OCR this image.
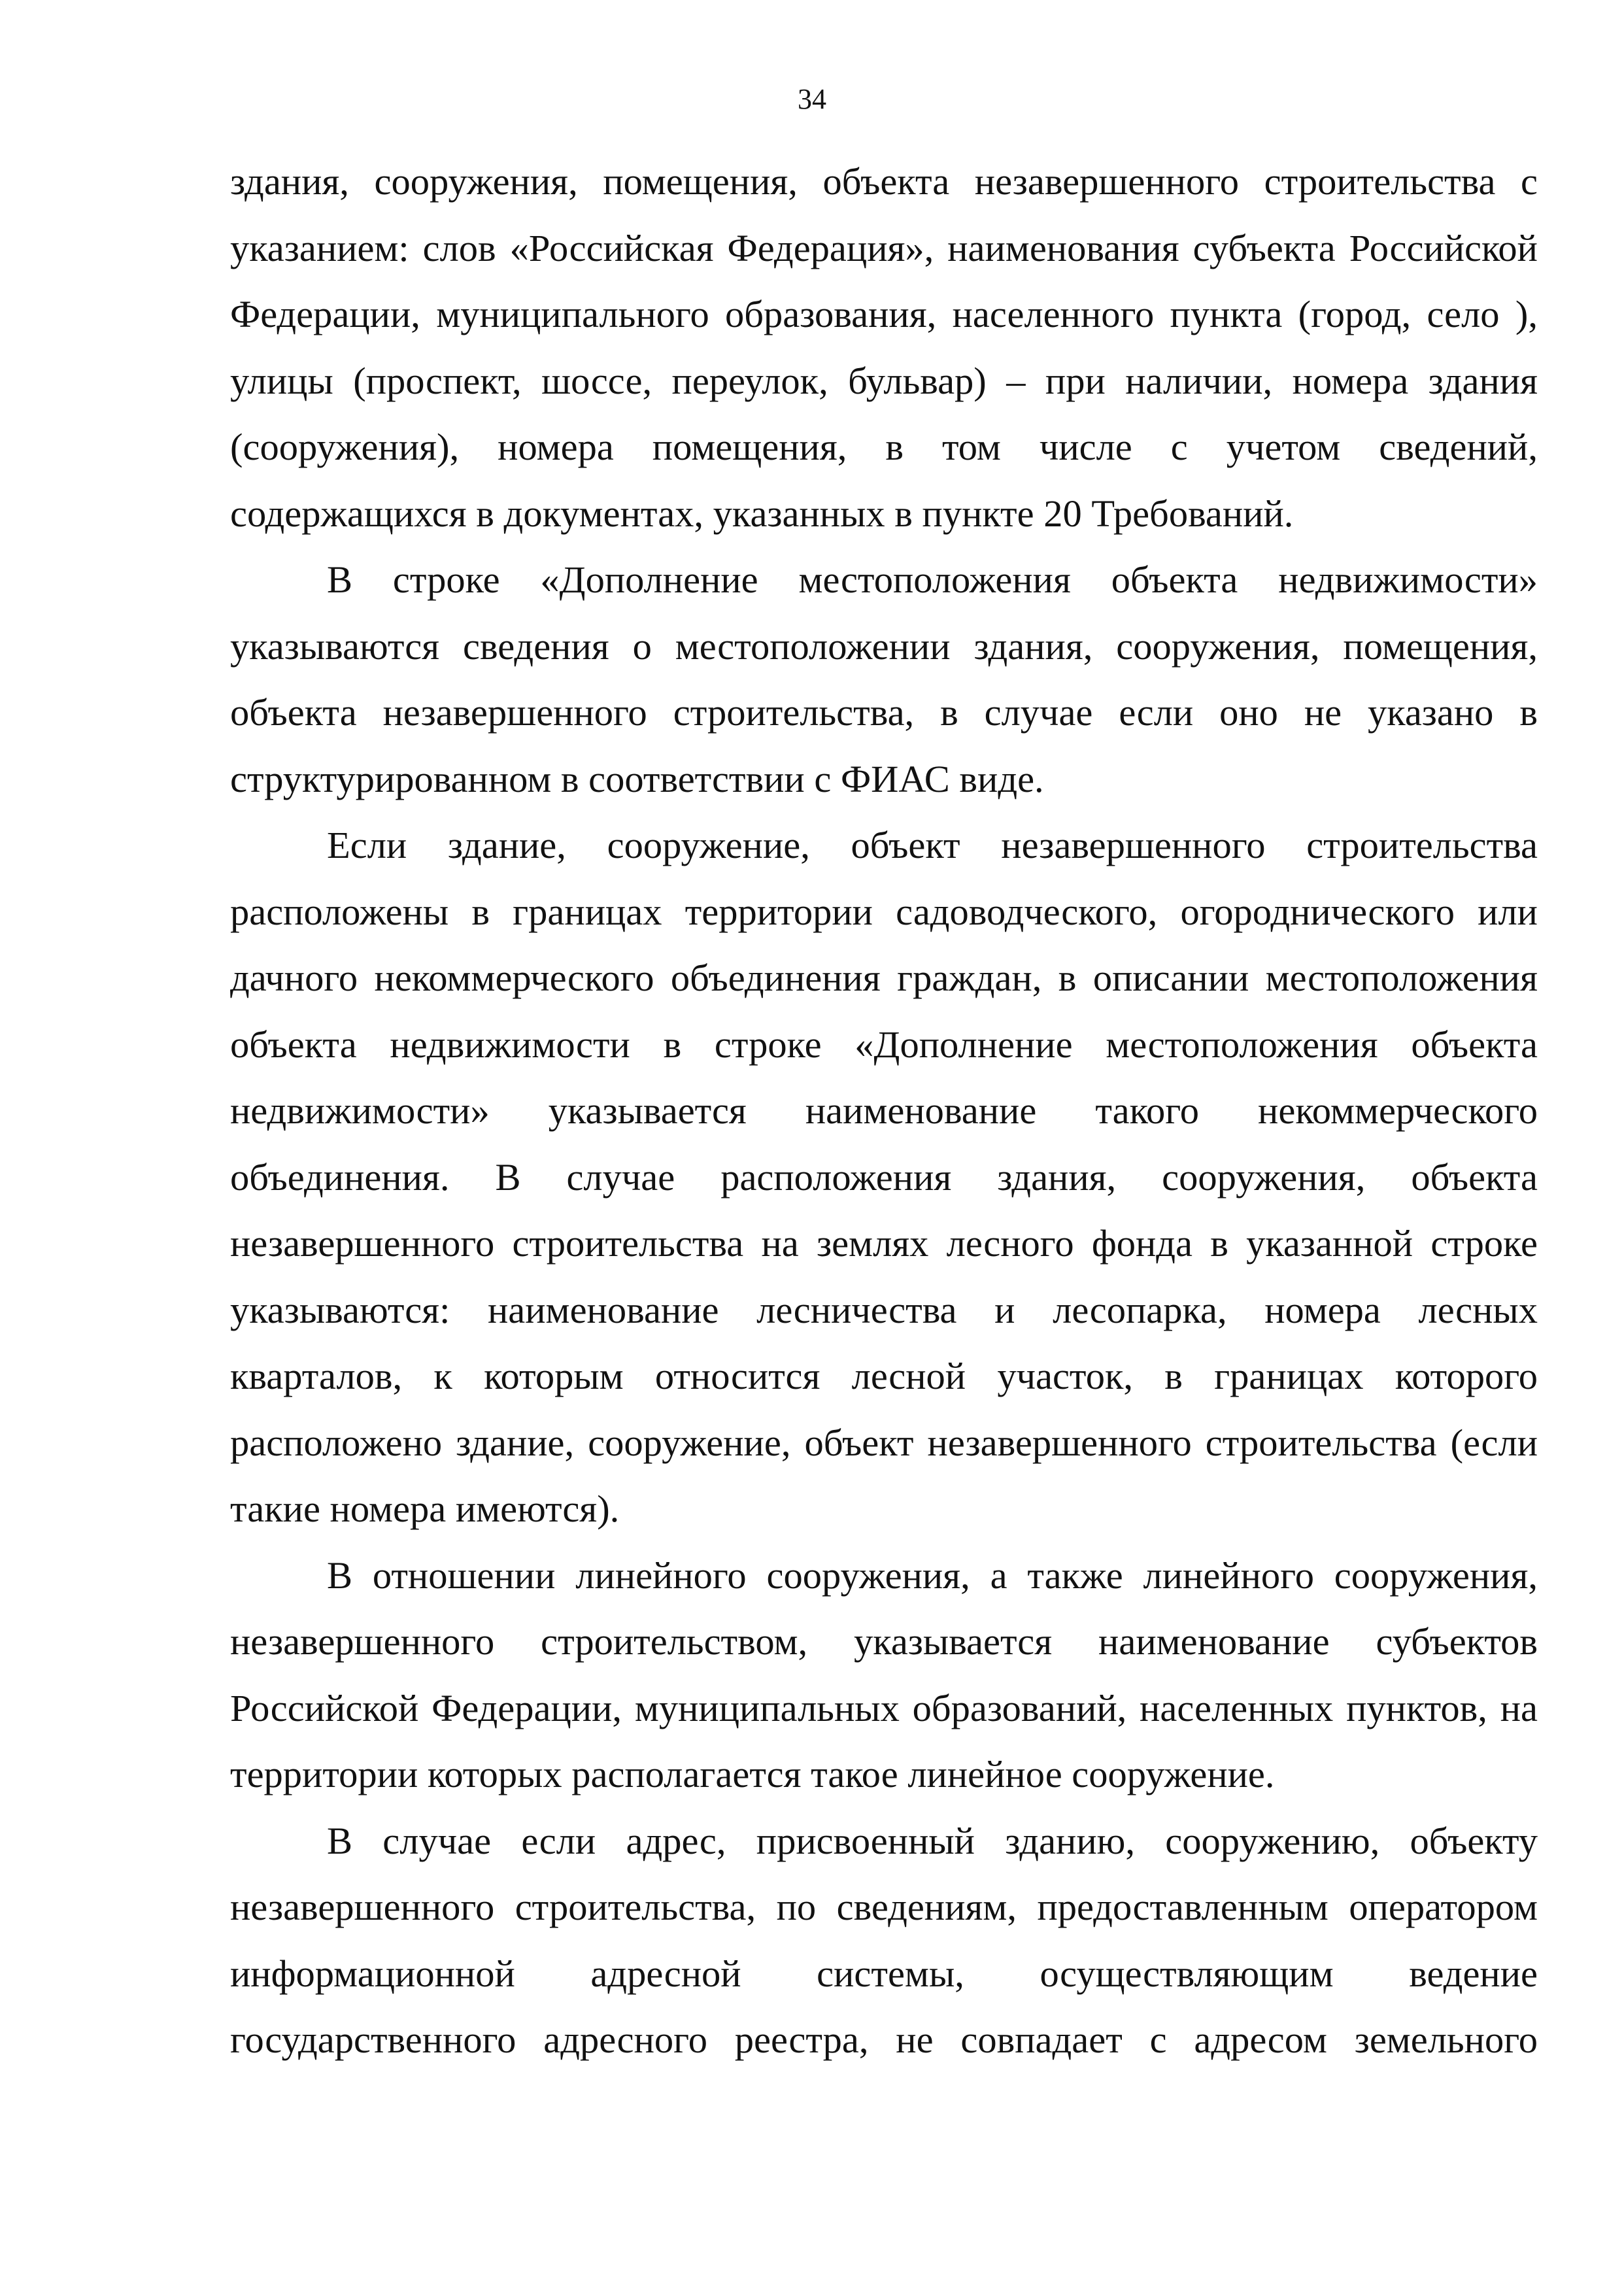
34

здания, сооружения, помещения, объекта незавершенного строительства с указанием: слов «Российская Федерация», наименования субъекта Российской Федерации, муниципального образования, населенного пункта (город, село ), улицы (проспект, шоссе, переулок, бульвар) – при наличии, номера здания (сооружения), номера помещения, в том числе с учетом сведений, содержащихся в документах, указанных в пункте 20 Требований.

В строке «Дополнение местоположения объекта недвижимости» указываются сведения о местоположении здания, сооружения, помещения, объекта незавершенного строительства, в случае если оно не указано в структурированном в соответствии с ФИАС виде.

Если здание, сооружение, объект незавершенного строительства расположены в границах территории садоводческого, огороднического или дачного некоммерческого объединения граждан, в описании местоположения объекта недвижимости в строке «Дополнение местоположения объекта недвижимости» указывается наименование такого некоммерческого объединения. В случае расположения здания, сооружения, объекта незавершенного строительства на землях лесного фонда в указанной строке указываются: наименование лесничества и лесопарка, номера лесных кварталов, к которым относится лесной участок, в границах которого расположено здание, сооружение, объект незавершенного строительства (если такие номера имеются).

В отношении линейного сооружения, а также линейного сооружения, незавершенного строительством, указывается наименование субъектов Российской Федерации, муниципальных образований, населенных пунктов, на территории которых располагается такое линейное сооружение.

В случае если адрес, присвоенный зданию, сооружению, объекту незавершенного строительства, по сведениям, предоставленным оператором информационной адресной системы, осуществляющим ведение государственного адресного реестра, не совпадает с адресом земельного
